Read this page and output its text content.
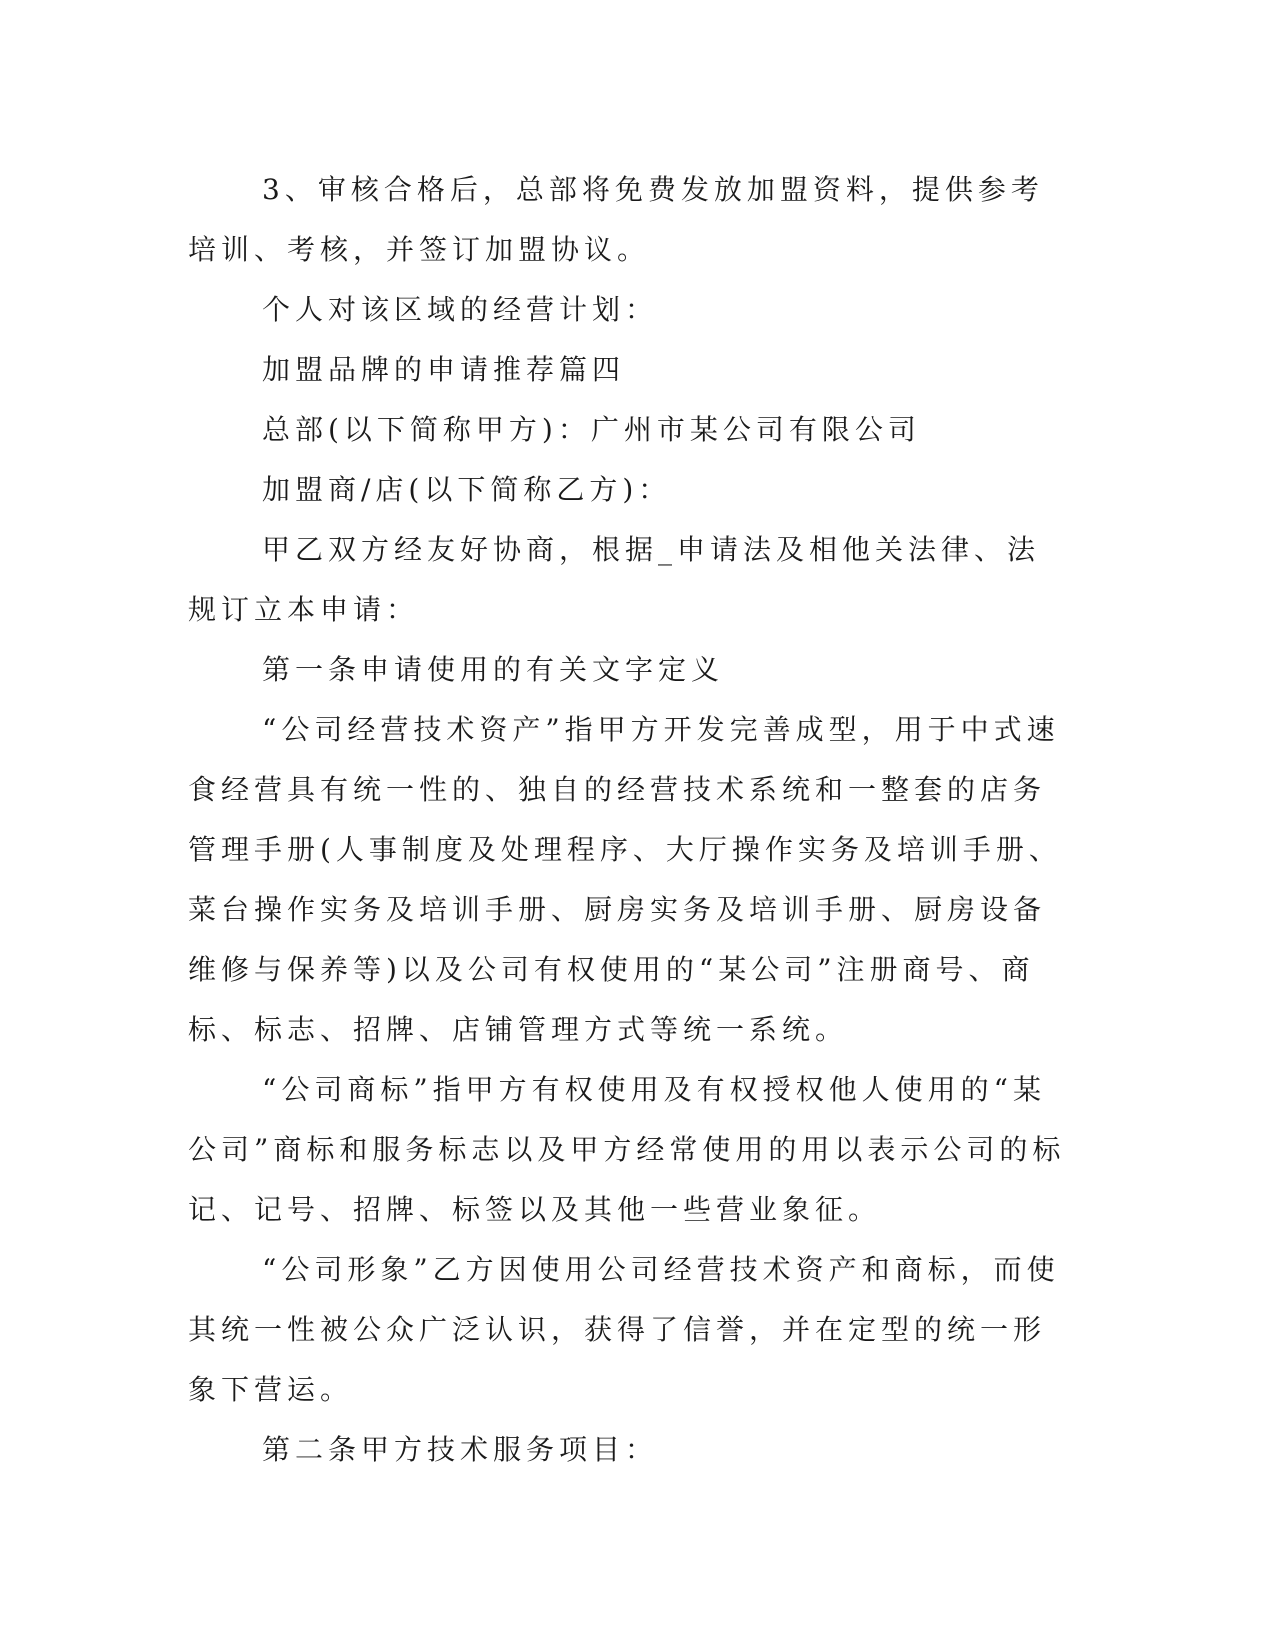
3、审核合格后，总部将免费发放加盟资料，提供参考培训、考核，并签订加盟协议。

个人对该区域的经营计划：

加盟品牌的申请推荐篇四

总部(以下简称甲方)：广州市某公司有限公司

加盟商/店(以下简称乙方)：

甲乙双方经友好协商，根据_申请法及相他关法律、法规订立本申请：

第一条申请使用的有关文字定义

“公司经营技术资产”指甲方开发完善成型，用于中式速食经营具有统一性的、独自的经营技术系统和一整套的店务管理手册(人事制度及处理程序、大厅操作实务及培训手册、菜台操作实务及培训手册、厨房实务及培训手册、厨房设备维修与保养等)以及公司有权使用的“某公司”注册商号、商标、标志、招牌、店铺管理方式等统一系统。

“公司商标”指甲方有权使用及有权授权他人使用的“某公司”商标和服务标志以及甲方经常使用的用以表示公司的标记、记号、招牌、标签以及其他一些营业象征。

“公司形象”乙方因使用公司经营技术资产和商标，而使其统一性被公众广泛认识，获得了信誉，并在定型的统一形象下营运。

第二条甲方技术服务项目：
